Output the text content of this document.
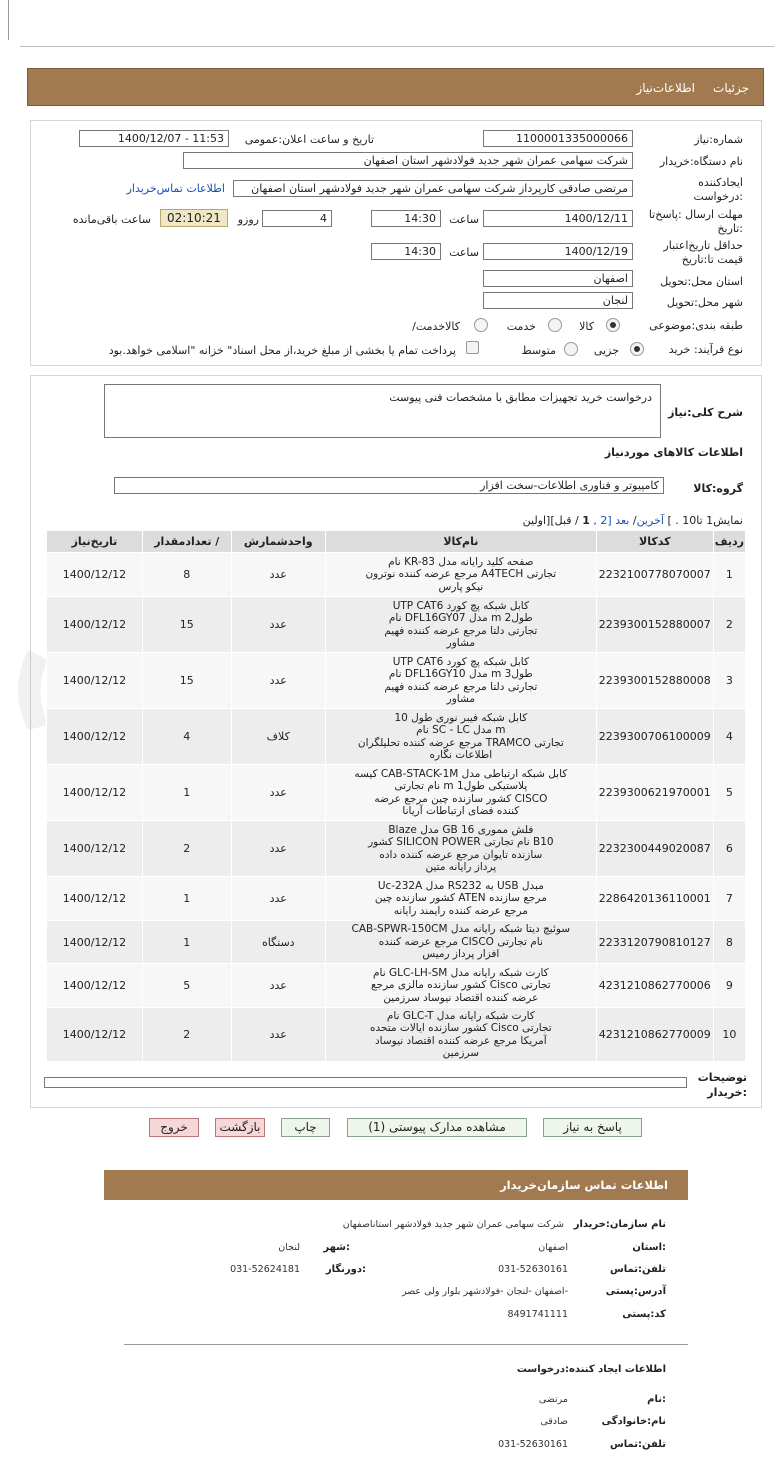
جزئیات
اطلاعات‌نیاز
شماره:نیاز
1100001335000066
تاریخ و ساعت اعلان:عمومی
1400/12/07 - 11:53
نام دستگاه:خریدار
شرکت سهامی عمران شهر جدید فولادشهر استان اصفهان
ایجادکننده
:درخواست
مرتضی صادقی کارپرداز شرکت سهامی عمران شهر جدید فولادشهر استان اصفهان
اطلاعات تماس‌خریدار
مهلت ارسال :پاسخ‌تا
:تاریخ
1400/12/11
ساعت
14:30
4
روزو
02:10:21
ساعت باقی‌مانده
حداقل تاریخ‌اعتبار
قیمت تا:تاریخ
1400/12/19
ساعت
14:30
استان محل:تحویل
اصفهان
شهر محل:تحویل
لنجان
طبقه بندی:موضوعی
کالا
خدمت
کالاخدمت/
نوع فرآیند: خرید
جزیی
متوسط
پرداخت تمام یا بخشی از مبلغ خرید،از محل اسناد" خزانه "اسلامی خواهد.بود
شرح کلی:نیاز
درخواست خرید تجهیزات مطابق با مشخصات فنی پیوست
اطلاعات کالاهای موردنیاز
گروه:کالا
کامپیوتر و فناوری اطلاعات-سخت افزار
نمایش1 تا10 . ] آخرین/ بعد [2 , 1 / قبل][اولین
ردیف	کدکالا	نام‌کالا	واحدشمارش	/ تعدادمقدار	تاریخ‌نیاز
1	2232100778070007	صفحه کلید رایانه مدل KR-83 نام
تجارتی A4TECH مرجع عرضه کننده نوترون
نیکو پارس	عدد	8	1400/12/12
2	2239300152880007	کابل شبکه پچ کورد UTP CAT6
طول2 m مدل DFL16GY07 نام
تجارتی دلتا مرجع عرضه کننده فهیم
مشاور	عدد	15	1400/12/12
3	2239300152880008	کابل شبکه پچ کورد UTP CAT6
طول3 m مدل DFL16GY10 نام
تجارتی دلتا مرجع عرضه کننده فهیم
مشاور	عدد	15	1400/12/12
4	2239300706100009	کابل شبکه فیبر نوری طول 10
m مدل SC - LC نام
تجارتی TRAMCO مرجع عرضه کننده تحلیلگران
اطلاعات نگاره	کلاف	4	1400/12/12
5	2239300621970001	کابل شبکه ارتباطی مدل CAB-STACK-1M کیسه
پلاستیکی طول1 m نام تجارتی
CISCO کشور سازنده چین مرجع عرضه
کننده فضای ارتباطات آریانا	عدد	1	1400/12/12
6	2232300449020087	فلش مموری 16 GB مدل Blaze
B10 نام تجارتی SILICON POWER کشور
سازنده تایوان مرجع عرضه کننده داده
پرداز رایانه متین	عدد	2	1400/12/12
7	2286420136110001	مبدل USB به RS232 مدل Uc-232A
مرجع سازنده ATEN کشور سازنده چین
مرجع عرضه کننده رایمند رایانه	عدد	1	1400/12/12
8	2233120790810127	سوئیچ دیتا شبکه رایانه مدل CAB-SPWR-150CM
نام تجارتی CISCO مرجع عرضه کننده
افزار پرداز رمیس	دستگاه	1	1400/12/12
9	4231210862770006	کارت شبکه رایانه مدل GLC-LH-SM نام
تجارتی Cisco کشور سازنده مالزی مرجع
عرضه کننده اقتصاد نیوساد سرزمین	عدد	5	1400/12/12
10	4231210862770009	کارت شبکه رایانه مدل GLC-T نام
تجارتی Cisco کشور سازنده ایالات متحده
آمریکا مرجع عرضه کننده اقتصاد نیوساد
سرزمین	عدد	2	1400/12/12
توضیحات
:خریدار
پاسخ به نیاز
مشاهده مدارک پیوستی (1)
چاپ
بازگشت
خروج
اطلاعات تماس سازمان‌خریدار
نام سازمان:خریدار
شرکت سهامی عمران شهر جدید فولادشهر استاناصفهان
:استان
اصفهان
:شهر
لنجان
تلفن:تماس
031-52630161
:دورنگار
031-52624181
آدرس:پستی
-اصفهان -لنجان -فولادشهر بلوار ولی عصر
کد:پستی
8491741111
اطلاعات ایجاد کننده:درخواست
:نام
مرتضی
نام:خانوادگی
صادقی
تلفن:تماس
031-52630161
